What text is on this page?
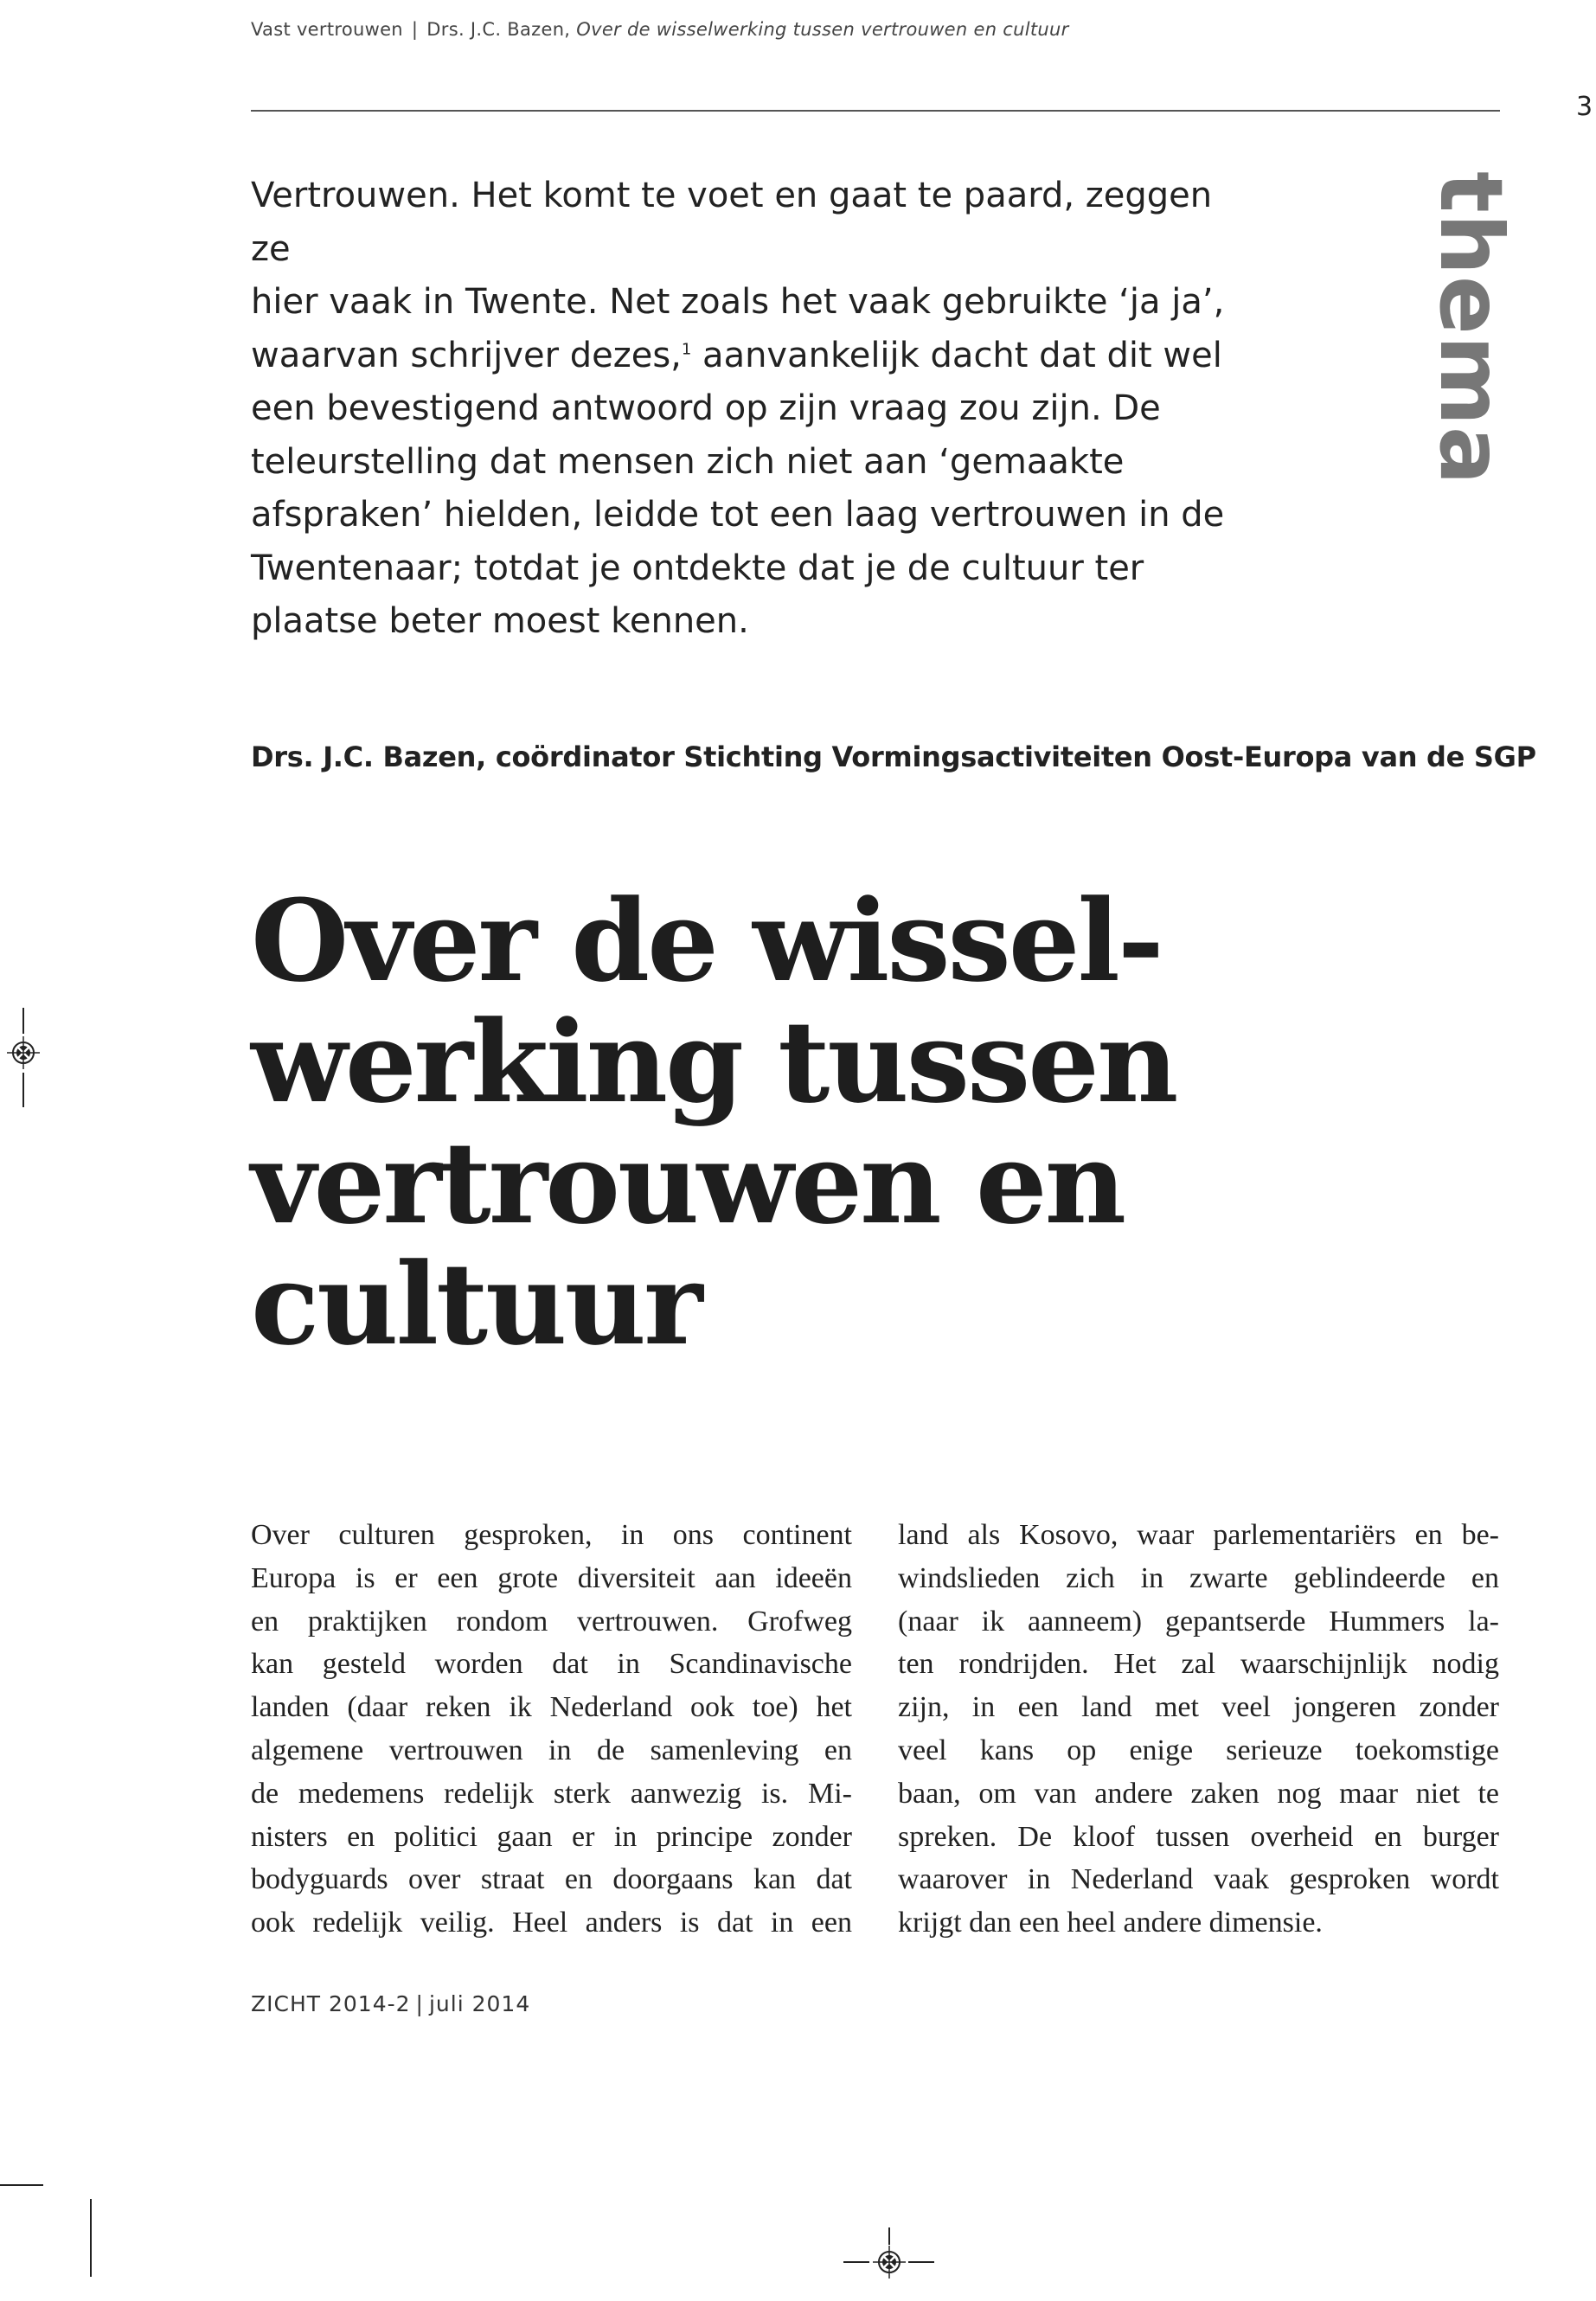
Vast vertrouwen | Drs. J.C. Bazen, Over de wisselwerking tussen vertrouwen en cultuur
3
thema
Vertrouwen. Het komt te voet en gaat te paard, zeggen ze
hier vaak in Twente. Net zoals het vaak gebruikte ‘ja ja’,
waarvan schrijver dezes,$^1$ aanvankelijk dacht dat dit wel
een bevestigend antwoord op zijn vraag zou zijn. De
teleurstelling dat mensen zich niet aan ‘gemaakte
afspraken’ hielden, leidde tot een laag vertrouwen in de
Twentenaar; totdat je ontdekte dat je de cultuur ter
plaatse beter moest kennen.
Drs. J.C. Bazen, coördinator Stichting Vormingsactiviteiten Oost-Europa van de SGP
Over de wissel-
werking tussen
vertrouwen en
cultuur
Over culturen gesproken, in ons continent
Europa is er een grote diversiteit aan ideeën
en praktijken rondom vertrouwen. Grofweg
kan gesteld worden dat in Scandinavische
landen (daar reken ik Nederland ook toe) het
algemene vertrouwen in de samenleving en
de medemens redelijk sterk aanwezig is. Mi-
nisters en politici gaan er in principe zonder
bodyguards over straat en doorgaans kan dat
ook redelijk veilig. Heel anders is dat in een
land als Kosovo, waar parlementariërs en be-
windslieden zich in zwarte geblindeerde en
(naar ik aanneem) gepantserde Hummers la-
ten rondrijden. Het zal waarschijnlijk nodig
zijn, in een land met veel jongeren zonder
veel kans op enige serieuze toekomstige
baan, om van andere zaken nog maar niet te
spreken. De kloof tussen overheid en burger
waarover in Nederland vaak gesproken wordt
krijgt dan een heel andere dimensie.
ZICHT 2014-2 | juli 2014
